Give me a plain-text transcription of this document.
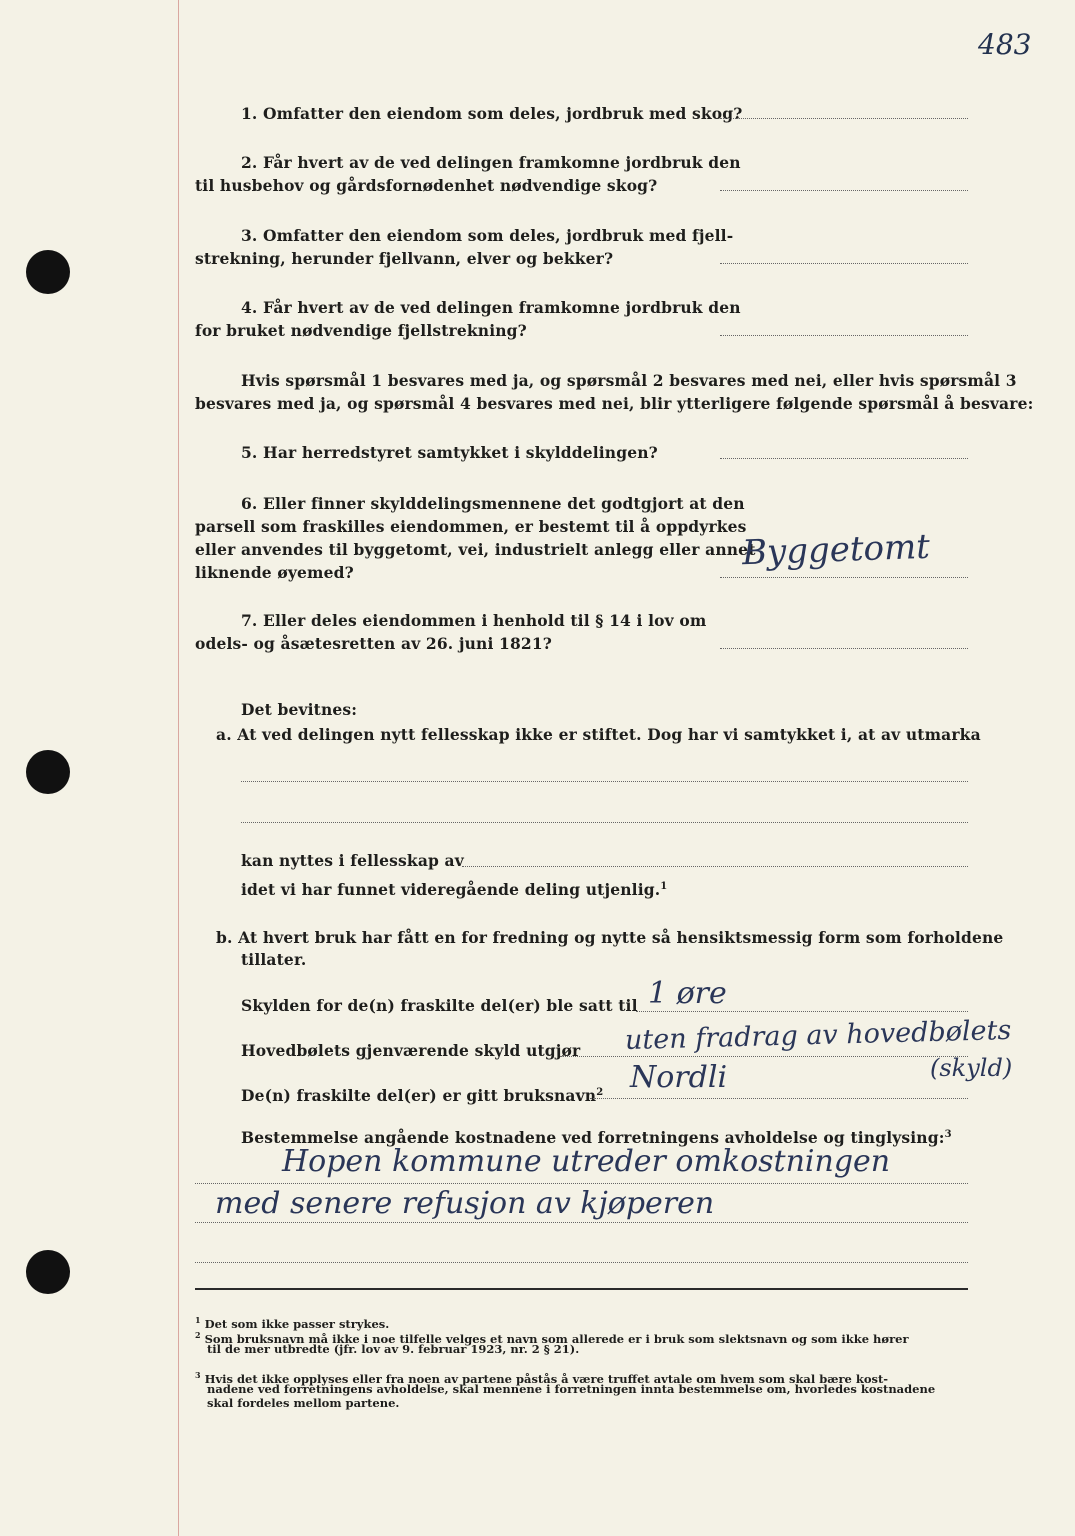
483
1. Omfatter den eiendom som deles, jordbruk med skog?
2. Får hvert av de ved delingen framkomne jordbruk den
til husbehov og gårdsfornødenhet nødvendige skog?
3. Omfatter den eiendom som deles, jordbruk med fjell-
strekning, herunder fjellvann, elver og bekker?
4. Får hvert av de ved delingen framkomne jordbruk den
for bruket nødvendige fjellstrekning?
Hvis spørsmål 1 besvares med ja, og spørsmål 2 besvares med nei, eller hvis spørsmål 3
besvares med ja, og spørsmål 4 besvares med nei, blir ytterligere følgende spørsmål å besvare:
5. Har herredstyret samtykket i skylddelingen?
6. Eller finner skylddelingsmennene det godtgjort at den
parsell som fraskilles eiendommen, er bestemt til å oppdyrkes
eller anvendes til byggetomt, vei, industrielt anlegg eller annet
liknende øyemed?	Byggetomt
7. Eller deles eiendommen i henhold til § 14 i lov om
odels- og åsætesretten av 26. juni 1821?
Det bevitnes:
a. At ved delingen nytt fellesskap ikke er stiftet. Dog har vi samtykket i, at av utmarka
kan nyttes i fellesskap av
idet vi har funnet videregående deling utjenlig.$^1$
b. At hvert bruk har fått en for fredning og nytte så hensiktsmessig form som forholdene
tillater.
Skylden for de(n) fraskilte del(er) ble satt til 1 øre
Hovedbølets gjenværende skyld utgjør uten fradrag av hovedbølets
De(n) fraskilte del(er) er gitt bruksnavn$^2$ Nordli	(skyld)
Bestemmelse angående kostnadene ved forretningens avholdelse og tinglysing:$^3$
Hopen kommune utreder omkostningen
med senere refusjon av kjøperen
$^1$ Det som ikke passer strykes.
$^2$ Som bruksnavn må ikke i noe tilfelle velges et navn som allerede er i bruk som slektsnavn og som ikke hører
til de mer utbredte (jfr. lov av 9. februar 1923, nr. 2 § 21).
$^3$ Hvis det ikke opplyses eller fra noen av partene påstås å være truffet avtale om hvem som skal bære kost-
nadene ved forretningens avholdelse, skal mennene i forretningen innta bestemmelse om, hvorledes kostnadene
skal fordeles mellom partene.
